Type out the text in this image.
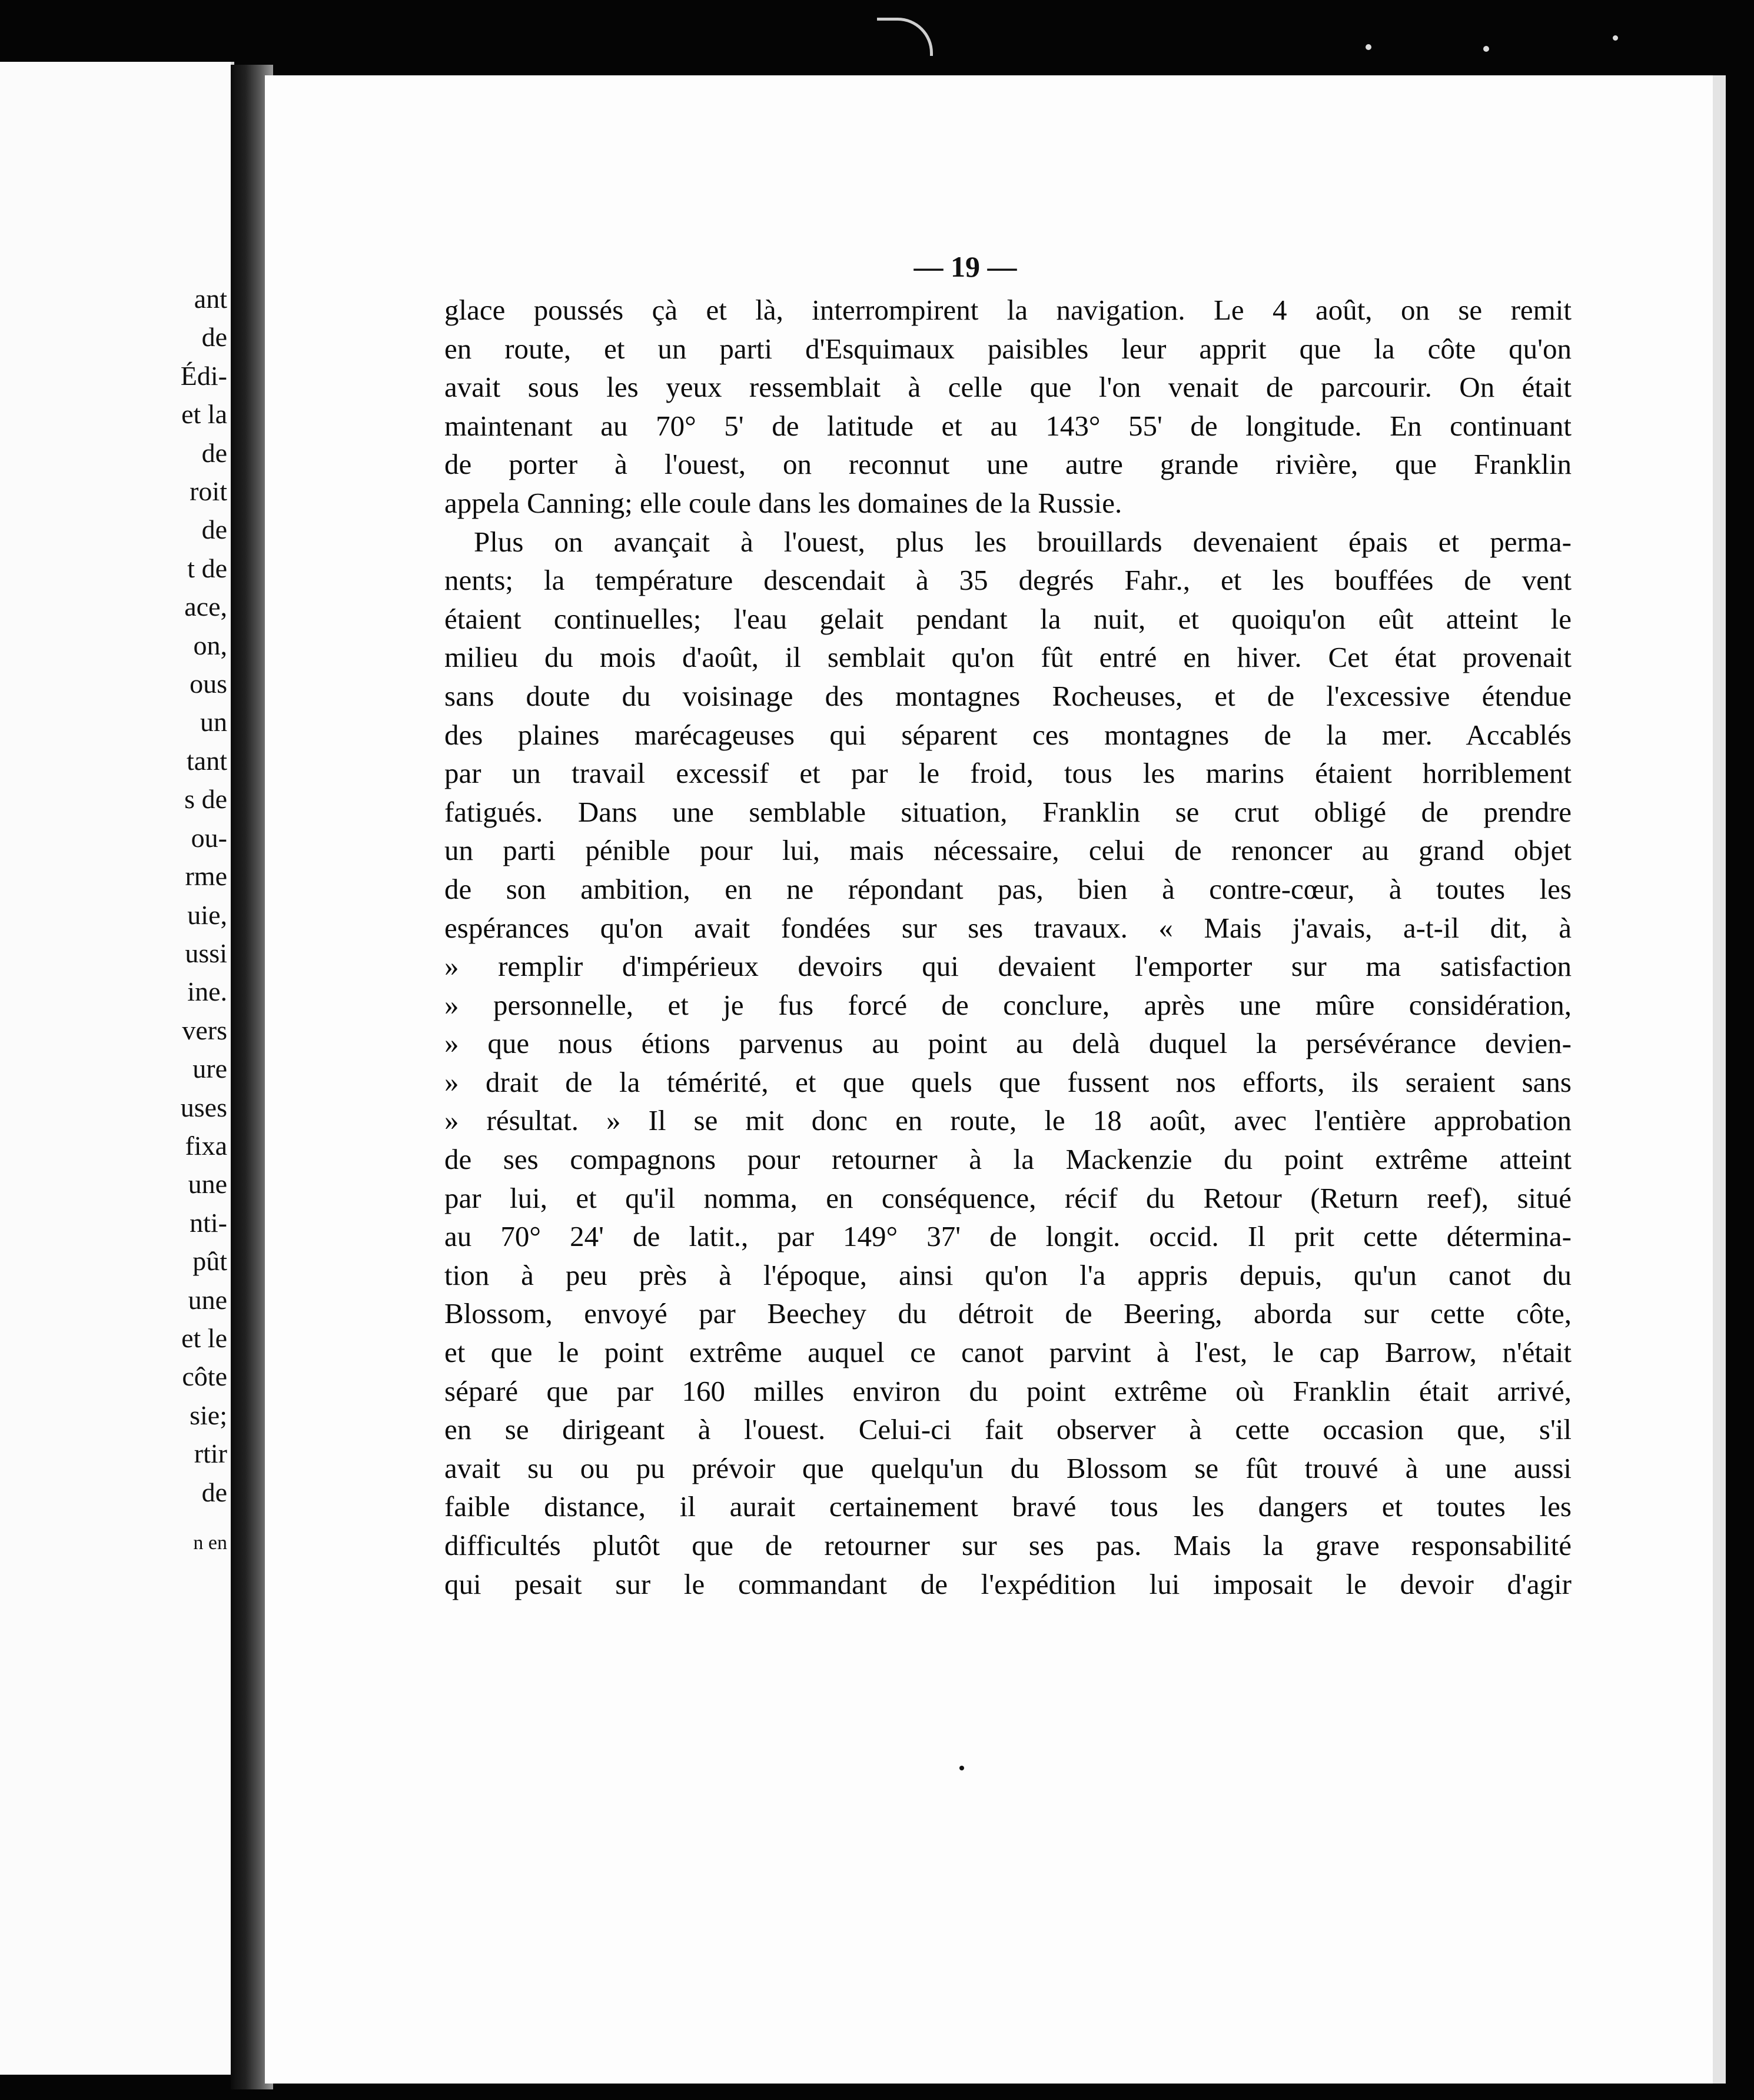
ant
de
Édi-
et la
de
roit
de
t de
ace,
on,
ous
un
tant
s de
ou-
rme
uie,
ussi
ine.
vers
ure
uses
fixa
une
nti-
pût
une
et le
côte
sie;
rtir
de
n en
— 19 —
glace poussés çà et là, interrompirent la navigation. Le 4 août, on se remit
en route, et un parti d'Esquimaux paisibles leur apprit que la côte qu'on
avait sous les yeux ressemblait à celle que l'on venait de parcourir. On était
maintenant au 70° 5' de latitude et au 143° 55' de longitude. En continuant
de porter à l'ouest, on reconnut une autre grande rivière, que Franklin
appela Canning; elle coule dans les domaines de la Russie.
Plus on avançait à l'ouest, plus les brouillards devenaient épais et perma-
nents; la température descendait à 35 degrés Fahr., et les bouffées de vent
étaient continuelles; l'eau gelait pendant la nuit, et quoiqu'on eût atteint le
milieu du mois d'août, il semblait qu'on fût entré en hiver. Cet état provenait
sans doute du voisinage des montagnes Rocheuses, et de l'excessive étendue
des plaines marécageuses qui séparent ces montagnes de la mer. Accablés
par un travail excessif et par le froid, tous les marins étaient horriblement
fatigués. Dans une semblable situation, Franklin se crut obligé de prendre
un parti pénible pour lui, mais nécessaire, celui de renoncer au grand objet
de son ambition, en ne répondant pas, bien à contre-cœur, à toutes les
espérances qu'on avait fondées sur ses travaux. « Mais j'avais, a-t-il dit, à
» remplir d'impérieux devoirs qui devaient l'emporter sur ma satisfaction
» personnelle, et je fus forcé de conclure, après une mûre considération,
» que nous étions parvenus au point au delà duquel la persévérance devien-
» drait de la témérité, et que quels que fussent nos efforts, ils seraient sans
» résultat. » Il se mit donc en route, le 18 août, avec l'entière approbation
de ses compagnons pour retourner à la Mackenzie du point extrême atteint
par lui, et qu'il nomma, en conséquence, récif du Retour (Return reef), situé
au 70° 24' de latit., par 149° 37' de longit. occid. Il prit cette détermina-
tion à peu près à l'époque, ainsi qu'on l'a appris depuis, qu'un canot du
Blossom, envoyé par Beechey du détroit de Beering, aborda sur cette côte,
et que le point extrême auquel ce canot parvint à l'est, le cap Barrow, n'était
séparé que par 160 milles environ du point extrême où Franklin était arrivé,
en se dirigeant à l'ouest. Celui-ci fait observer à cette occasion que, s'il
avait su ou pu prévoir que quelqu'un du Blossom se fût trouvé à une aussi
faible distance, il aurait certainement bravé tous les dangers et toutes les
difficultés plutôt que de retourner sur ses pas. Mais la grave responsabilité
qui pesait sur le commandant de l'expédition lui imposait le devoir d'agir
